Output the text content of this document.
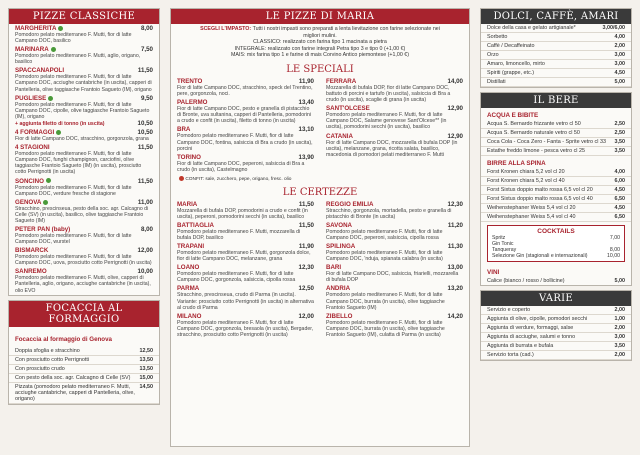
PIZZE CLASSICHE
MARGHERITA	8,00
Pomodoro pelato mediterraneo F. Mutti, fior di latte Campano DOC, basilico
MARINARA	7,50
Pomodoro pelato mediterraneo F. Mutti, aglio, origano, basilico
SPACCANAPOLI	11,50
Pomodoro pelato mediterraneo F. Mutti, fior di latte Campano DOC, acciughe cantabriche (in uscita), capperi di Pantelleria, olive taggiasche Frantoio Sagueto (IM), origano
PUGLIESE	9,50
Pomodoro pelato mediterraneo F. Mutti, fior di latte Campano DOC, cipolle, olive taggiasche Frantoio Sagueto (IM), origano
+ aggiunta filetto di tonno (in uscita)	10,50
4 FORMAGGI	10,50
Fior di latte Campano DOC, stracchino, gorgonzola, grana
4 STAGIONI	11,50
Pomodoro pelato mediterraneo F. Mutti, fior di latte Campano DOC, funghi champignon, carciofini, olive taggiasche Frantoio Sagueto (IM) (in uscita), prosciutto cotto Perrignotti (in uscita)
SONCINO	11,50
Pomodoro pelato mediterraneo F. Mutti, fior di latte Campano DOC, verdure fresche di stagione
GENOVA	11,00
Stracchino, prescinseua, pesto della soc. agr. Calcagno di Celle (SV) (in uscita), basilico, olive taggiasche Frantoio Sagueto (IM)
PETER PAN (baby)	8,00
Pomodoro pelato mediterraneo F. Mutti, fior di latte Campano DOC, wurstel
BISMARCK	12,00
Pomodoro pelato mediterraneo F. Mutti, fior di latte Campano DOC, uova, prosciutto cotto Perrignotti (in uscita)
SANREMO	10,00
Pomodoro pelato mediterraneo F. Mutti, olive, capperi di Pantelleria, aglio, origano, acciughe cantabriche (in uscita), olio EVO
FOCACCIA AL FORMAGGIO
Focaccia al formaggio di Genova
Doppia sfoglia e stracchino	12,50
Con prosciutto cotto Perrignotti	13,50
Con prosciutto crudo	13,50
Con pesto della soc. agr. Calcagno di Celle (SV) 15,00
Pizzata (pomodoro pelato mediterraneo F. Mutti, acciughe cantabriche, capperi di Pantelleria, olive, origano)
14,50
LE PIZZE DI MARIA
SCEGLI L'IMPASTO: Tutti i nostri impasti sono preparati a lenta lievitazione con farine selezionate nei migliori mulini.
CLASSICO: realizzato con farina tipo 1 macinata a pietra
INTEGRALE: realizzato con farine integrali Petra tipo 3 e tipo 0 (+1,00 €)
MAIS: mix farina tipo 1 e farine di mais Corvino Antico piemontese (+1,00 €)
LE SPECIALI
TRENTO	11,90
Fior di latte Campano DOC, stracchino, speck del Trentino, pere, gorgonzola, noci.
PALERMO	13,40
Fior di latte Campano DOC, pesto e granella di pistacchio di Bronte, uva sultanina, capperi di Pantelleria, pomodorini a crudo e confit (in uscita), filetto di tonno (in uscita)
BRA	13,10
Pomodoro pelato mediterraneo F. Mutti, fior di latte Campano DOC, fontina, salsiccia di Bra a crudo (in uscita), porcini
TORINO	13,90
Fior di latte Campano DOC, peperoni, salsiccia di Bra a crudo (in uscita), Castelmagno
FERRARA	14,00
Mozzarella di bufala DOP, fior di latte Campano DOC, battuto di porcini e tartufo (in uscita), salsiccia di Bra a crudo (in uscita), scaglie di grana (in uscita)
SANT'OLCESE	12,90
Pomodoro pelato mediterraneo F. Mutti, fior di latte Campano DOC, Salame genovese Sant'Olcese** (in uscita), pomodorini secchi (in uscita), basilico
CATANIA	12,90
Fior di latte Campano DOC, mozzarella di bufala DOP (in uscita), melanzane, grana, ricotta salata, basilico, macedonia di pomodori pelati mediterraneo F. Mutti
CONFIT: sale, zucchero, pepe, origano, fresc. olio
LE CERTEZZE
MARIA	11,50
Mozzarella di bufala DOP, pomodorini a crudo e confit (in uscita), peperoni, pomodorini secchi (in uscita), basilico
BATTIAGLIA	11,50
Pomodoro pelato mediterraneo F. Mutti, mozzarella di bufala DOP, basilico
TRAPANI	11,90
Pomodoro pelato mediterraneo F. Mutti, gorgonzola dolce, fior di latte Campano DOC, melanzane, grana
LOANO	12,30
Pomodoro pelato mediterraneo F. Mutti, fior di latte Campano DOC, gorgonzola, salsiccia, cipolla rossa
PARMA	12,50
Stracchino, prescinseua, crudo di Parma (in uscita). Variante: prosciutto cotto Perrignotti (in uscita) in alternativa al crudo di Parma
MILANO	12,00
Pomodoro pelato mediterraneo F. Mutti, fior di latte Campano DOC, gorgonzola, bresaola (in uscita), Bergader, stracchino, prosciutto cotto Perrignotti (in uscita)
REGGIO EMILIA	12,30
Stracchino, gorgonzola, mortadella, pesto e granella di pistacchio di Bronte (in uscita)
SAVONA	11,20
Pomodoro pelato mediterraneo F. Mutti, fior di latte Campano DOC, peperoni, salsiccia, cipolla rossa
SPILINGA	11,30
Pomodoro pelato mediterraneo F. Mutti, fior di latte Campano DOC, 'nduja, spianata calabra (in uscita)
BARI	13,00
Fior di latte Campano DOC, salsiccia, friarielli, mozzarella di bufala DOP
ANDRIA	13,20
Pomodoro pelato mediterraneo F. Mutti, fior di latte Campano DOC, burrata (in uscita), olive taggiasche Frantoio Sagueto (IM)
ZIBELLO	14,20
Pomodoro pelato mediterraneo F. Mutti, fior di latte Campano DOC, burrata (in uscita), olive taggiasche Frantoio Sagueto (IM), culatta di Parma (in uscita)
DOLCI, CAFFÈ, AMARI
Dolce della casa e gelato artigianale*	3,00/6,00
Sorbetto	4,00
Caffè / Decaffeinato	2,00
Orzo	3,00
Amaro, limoncello, mirto	3,00
Spiriti (grappe, etc.)	4,50
Distillati	5,00
IL BERE
ACQUA E BIBITE
Acqua S. Bernardo frizzante vetro cl 50	2,50
Acqua S. Bernardo naturale vetro cl 50	2,50
Coca Cola - Coca Zero - Fanta - Sprite vetro cl 33 3,50
Estathe freddo limone - pesca vetro cl 25	3,50
BIRRE ALLA SPINA
Forst Kronen chiara 5,2 vol cl 20	4,00
Forst Kronen chiara 5,2 vol cl 40	6,00
Forst Sixtus doppio malto rossa 6,5 vol cl 20	4,50
Forst Sixtus doppio malto rossa 6,5 vol cl 40	6,50
Weihenstephaner Weiss 5,4 vol cl 20	4,50
Weihenstephaner Weiss 5,4 vol cl 40	6,50
COCKTAILS
Spritz	7,00
Gin Tonic
Tanqueray	8,00
Selezione Gin (stagionali e internazionali)	10,00
VINI
Calice (bianco / rosso / bollicine)	5,00
VARIE
Servizio e coperto	2,00
Aggiunta di olive, cipolle, pomodori secchi	1,00
Aggiunta di verdure, formaggi, salse	2,00
Aggiunta di acciughe, salumi e tonno	3,00
Aggiunta di burrata e bufala	3,50
Servizio torta (cad.)	2,00
